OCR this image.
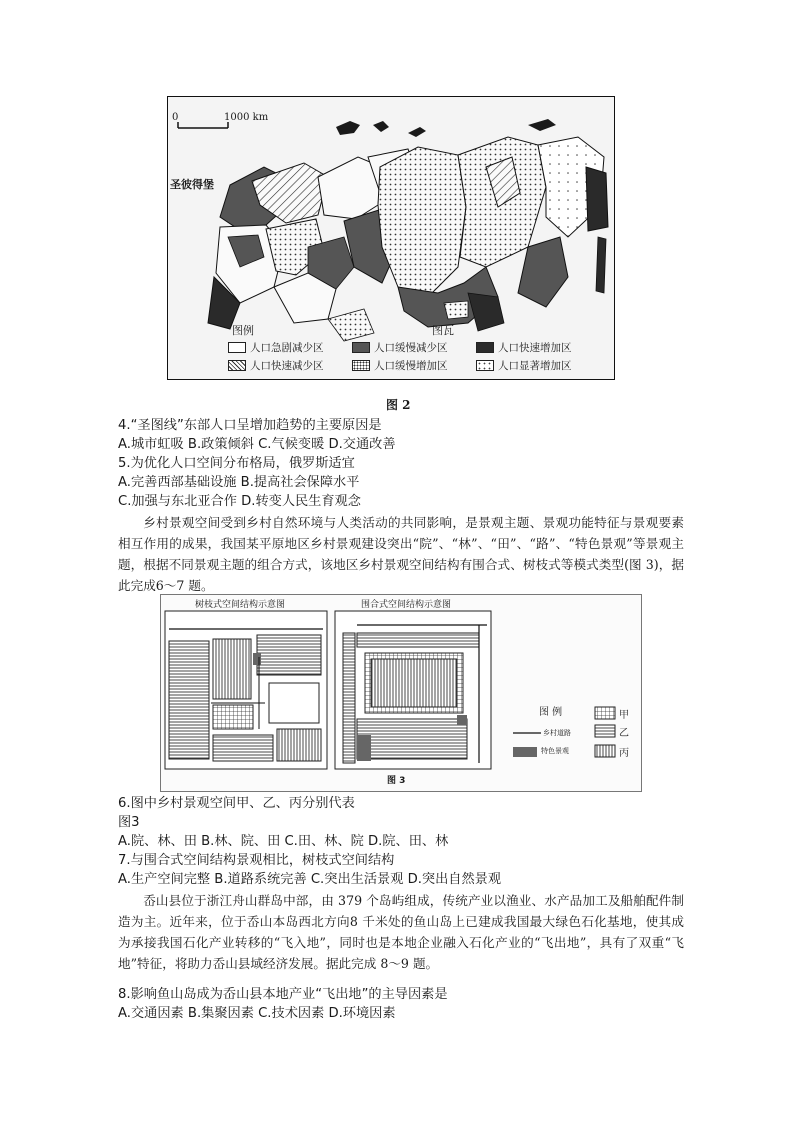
0	1000 km
圣彼得堡
图例	图瓦
人口急剧减少区	人口缓慢减少区	人口快速增加区
人口快速减少区	人口缓慢增加区	人口显著增加区
图 2
4.“圣图线”东部人口呈增加趋势的主要原因是
A.城市虹吸 B.政策倾斜 C.气候变暖 D.交通改善
5.为优化人口空间分布格局，俄罗斯适宜
A.完善西部基础设施 B.提高社会保障水平
C.加强与东北亚合作 D.转变人民生育观念
乡村景观空间受到乡村自然环境与人类活动的共同影响，是景观主题、景观功能特征与景观要素相互作用的成果，我国某平原地区乡村景观建设突出“院”、“林”、“田”、“路”、“特色景观”等景观主题，根据不同景观主题的组合方式，该地区乡村景观空间结构有围合式、树枝式等模式类型(图 3)，据此完成6～7 题。
树枝式空间结构示意图	围合式空间结构示意图
图 例	甲
乡村道路	乙
特色景观	丙
图 3
6.图中乡村景观空间甲、乙、丙分别代表
图3
A.院、林、田 B.林、院、田 C.田、林、院 D.院、田、林
7.与围合式空间结构景观相比，树枝式空间结构
A.生产空间完整 B.道路系统完善 C.突出生活景观 D.突出自然景观
岙山县位于浙江舟山群岛中部，由 379 个岛屿组成，传统产业以渔业、水产品加工及船舶配件制造为主。近年来，位于岙山本岛西北方向8 千米处的鱼山岛上已建成我国最大绿色石化基地，使其成为承接我国石化产业转移的“飞入地”，同时也是本地企业融入石化产业的“飞出地”，具有了双重“飞地”特征，将助力岙山县域经济发展。据此完成 8～9 题。
8.影响鱼山岛成为岙山县本地产业“飞出地”的主导因素是
A.交通因素 B.集聚因素 C.技术因素 D.环境因素
